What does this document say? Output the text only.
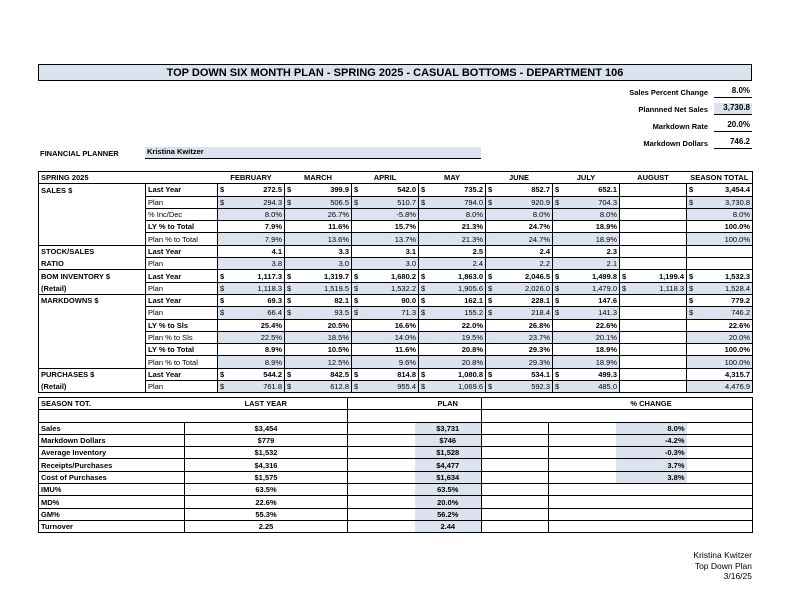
TOP DOWN SIX MONTH PLAN - SPRING 2025 - CASUAL BOTTOMS - DEPARTMENT 106
Sales Percent Change	8.0%
Plannned Net Sales	3,730.8
Markdown Rate	20.0%
Markdown Dollars	746.2
FINANCIAL PLANNER	Kristina Kwitzer
SPRING 2025		FEBRUARY	MARCH	APRIL	MAY	JUNE	JULY	AUGUST	SEASON TOTAL
SALES $	Last Year	$ 272.5	$ 399.9	$ 542.0	$ 735.2	$ 852.7	$ 652.1		$ 3,454.4

	Plan	$ 294.3	$ 506.5	$ 510.7	$ 794.0	$ 920.9	$ 704.3		$ 3,730.8

	% Inc/Dec	8.0%	26.7%	-5.8%	8.0%	8.0%	8.0%		8.0%

	LY % to Total	7.9%	11.6%	15.7%	21.3%	24.7%	18.9%		100.0%

	Plan % to Total	7.9%	13.6%	13.7%	21.3%	24.7%	18.9%		100.0%

STOCK/SALES	Last Year	4.1	3.3	3.1	2.5	2.4	2.3		

RATIO	Plan	3.8	3.0	3.0	2.4	2.2	2.1		

BOM INVENTORY $	Last Year	$ 1,117.3	$ 1,319.7	$ 1,680.2	$ 1,863.0	$ 2,046.5	$ 1,499.8	$ 1,199.4	$ 1,532.3

(Retail)	Plan	$ 1,118.3	$ 1,519.5	$ 1,532.2	$ 1,905.6	$ 2,026.0	$ 1,479.0	$ 1,118.3	$ 1,528.4

MARKDOWNS $	Last Year	$ 69.3	$ 82.1	$ 90.0	$ 162.1	$ 228.1	$ 147.6		$ 779.2

	Plan	$ 66.4	$ 93.5	$ 71.3	$ 155.2	$ 218.4	$ 141.3		$ 746.2

	LY % to Sls	25.4%	20.5%	16.6%	22.0%	26.8%	22.6%		22.6%

	Plan % to Sls	22.5%	18.5%	14.0%	19.5%	23.7%	20.1%		20.0%

	LY % to Total	8.9%	10.5%	11.6%	20.8%	29.3%	18.9%		100.0%

	Plan % to Total	8.9%	12.5%	9.6%	20.8%	29.3%	18.9%		100.0%

PURCHASES $	Last Year	$ 544.2	$ 842.5	$ 814.8	$ 1,080.8	$ 534.1	$ 499.3		4,315.7

(Retail)	Plan	$ 761.8	$ 612.8	$ 955.4	$ 1,069.6	$ 592.3	$ 485.0		4,476.9
SEASON TOT.	LAST YEAR		PLAN			% CHANGE	

Sales	$3,454		$3,731			8.0%	
Markdown Dollars	$779		$746			-4.2%	
Average Inventory	$1,532		$1,528			-0.3%	
Receipts/Purchases	$4,316		$4,477			3.7%	
Cost of Purchases	$1,575		$1,634			3.8%	
IMU%	63.5%		63.5%				
MD%	22.6%		20.0%				
GM%	55.3%		56.2%				
Turnover	2.25		2.44				
Kristina Kwitzer
Top Down Plan
3/16/25
